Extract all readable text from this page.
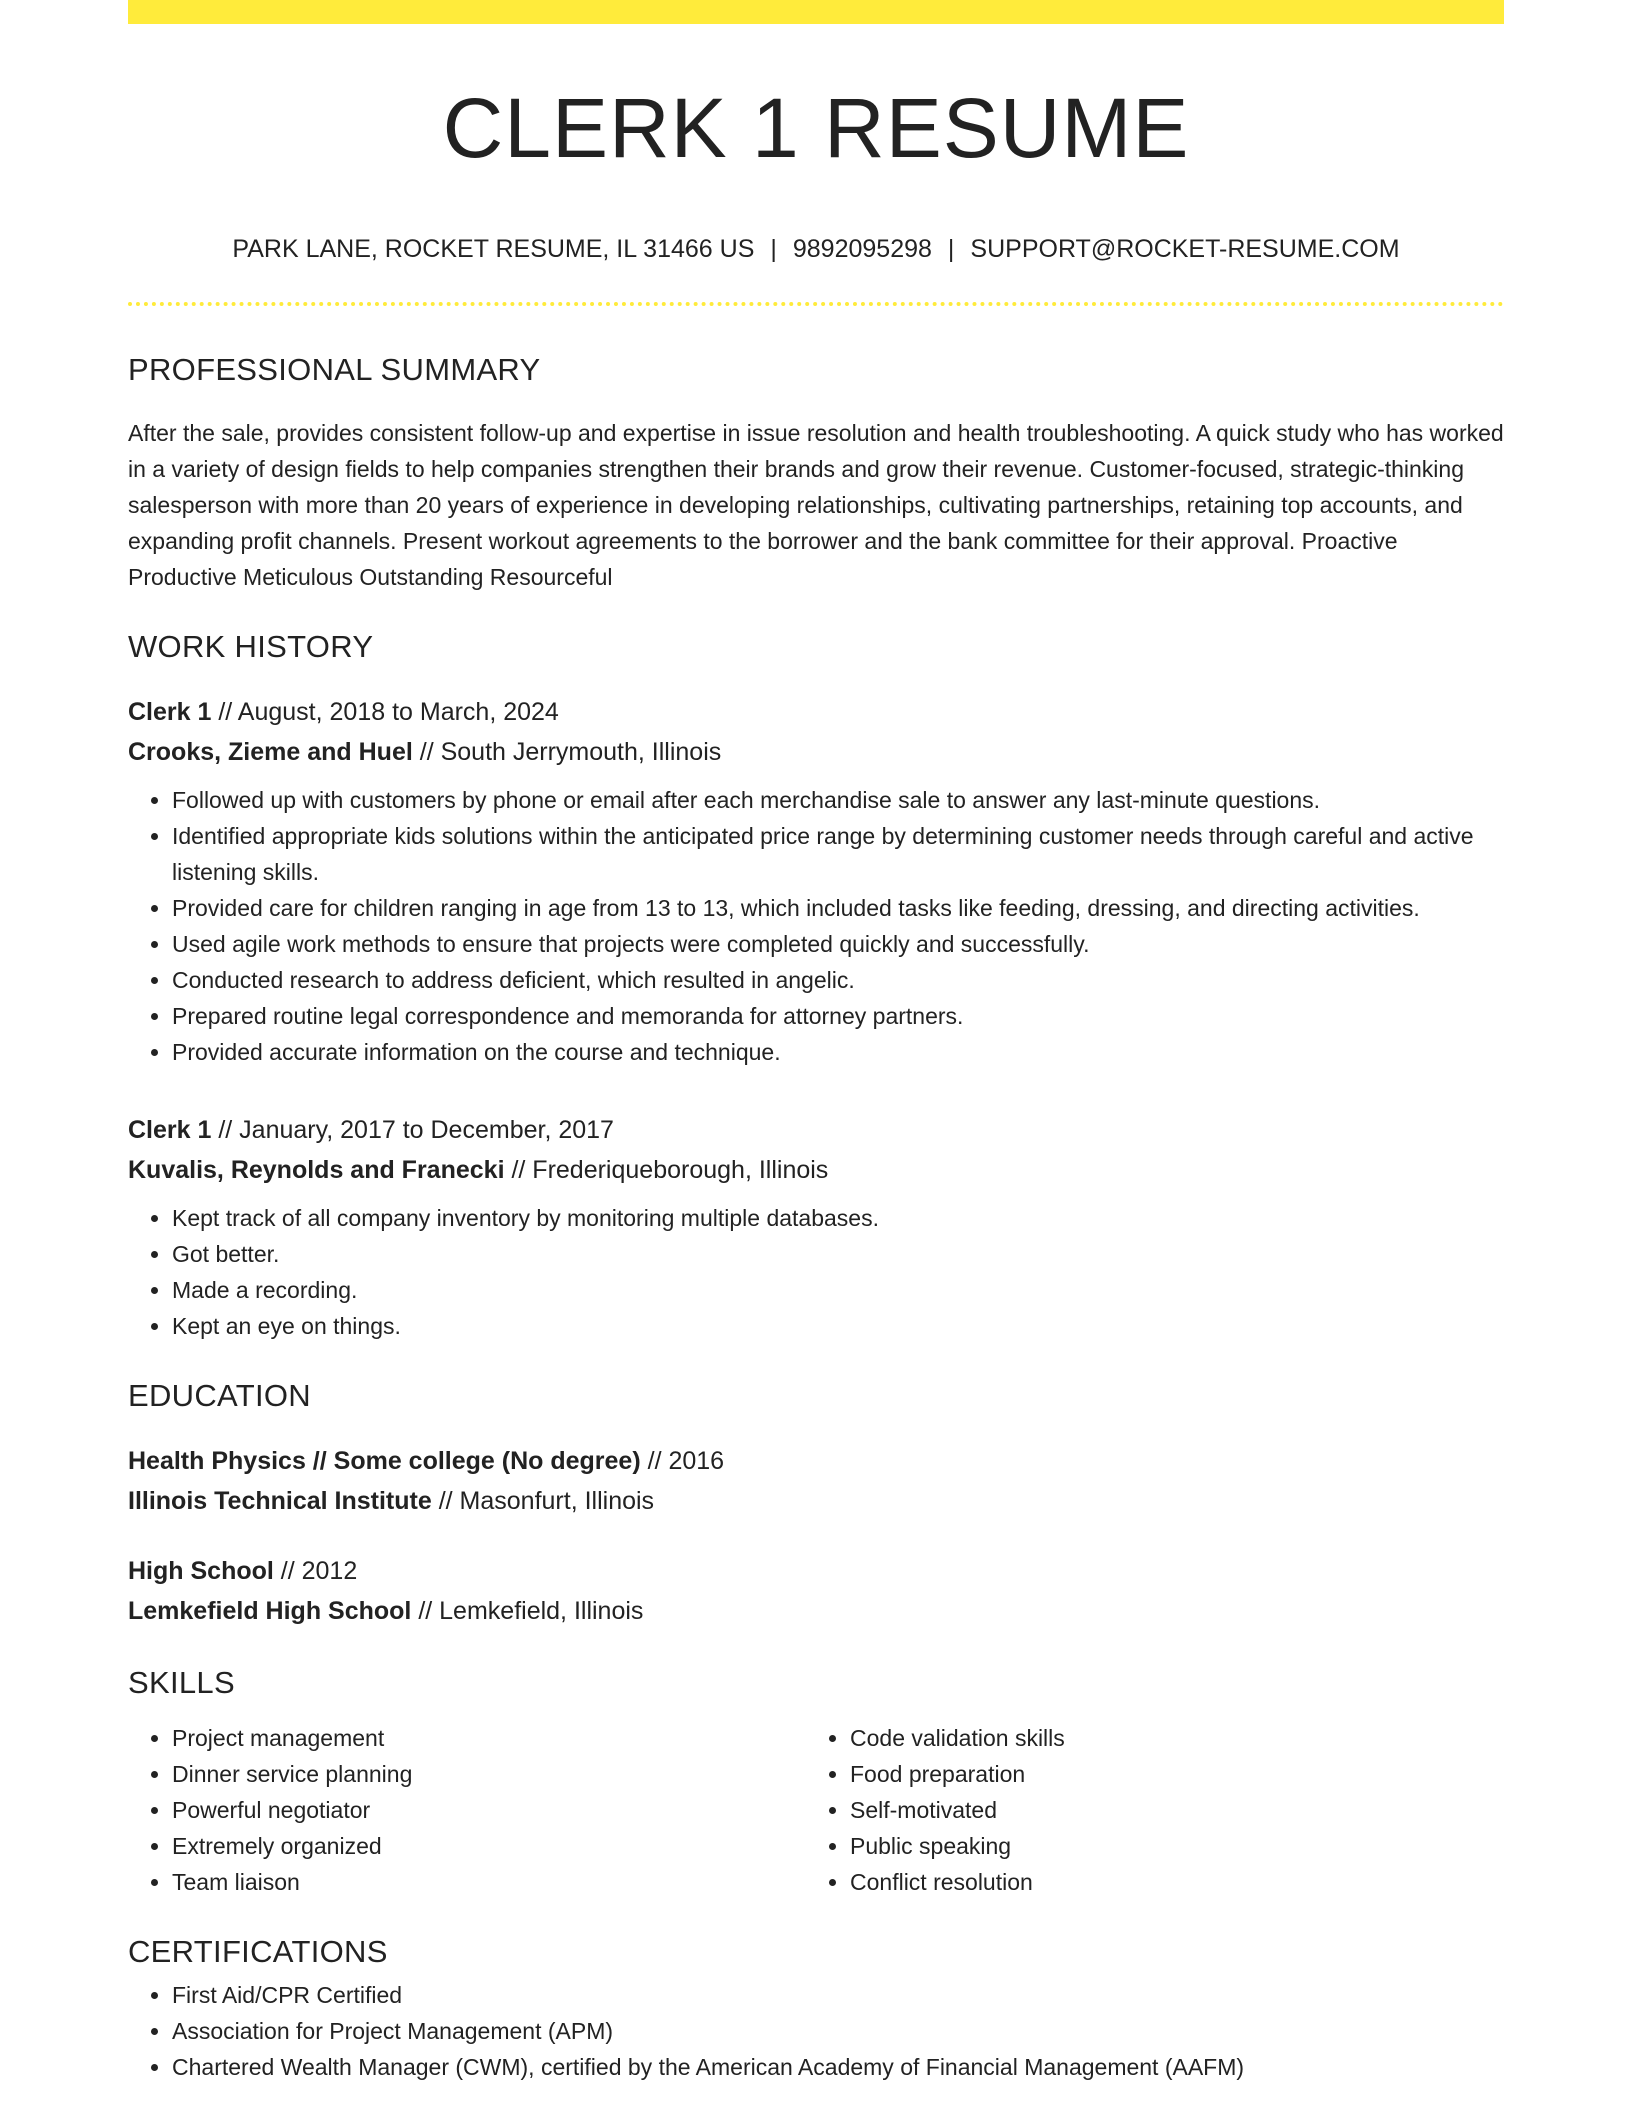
CLERK 1 RESUME
PARK LANE, ROCKET RESUME, IL 31466 US | 9892095298 | SUPPORT@ROCKET-RESUME.COM
PROFESSIONAL SUMMARY

After the sale, provides consistent follow-up and expertise in issue resolution and health troubleshooting. A quick study who has worked in a variety of design fields to help companies strengthen their brands and grow their revenue. Customer-focused, strategic-thinking salesperson with more than 20 years of experience in developing relationships, cultivating partnerships, retaining top accounts, and expanding profit channels. Present workout agreements to the borrower and the bank committee for their approval. Proactive Productive Meticulous Outstanding Resourceful

WORK HISTORY
Clerk 1 // August, 2018 to March, 2024
Crooks, Zieme and Huel // South Jerrymouth, Illinois
• Followed up with customers by phone or email after each merchandise sale to answer any last-minute questions.
• Identified appropriate kids solutions within the anticipated price range by determining customer needs through careful and active listening skills.
• Provided care for children ranging in age from 13 to 13, which included tasks like feeding, dressing, and directing activities.
• Used agile work methods to ensure that projects were completed quickly and successfully.
• Conducted research to address deficient, which resulted in angelic.
• Prepared routine legal correspondence and memoranda for attorney partners.
• Provided accurate information on the course and technique.
Clerk 1 // January, 2017 to December, 2017
Kuvalis, Reynolds and Franecki // Frederiqueborough, Illinois
• Kept track of all company inventory by monitoring multiple databases.
• Got better.
• Made a recording.
• Kept an eye on things.
EDUCATION
Health Physics // Some college (No degree) // 2016
Illinois Technical Institute // Masonfurt, Illinois
High School // 2012
Lemkefield High School // Lemkefield, Illinois
SKILLS
• Project management
• Dinner service planning
• Powerful negotiator
• Extremely organized
• Team liaison
• Code validation skills
• Food preparation
• Self-motivated
• Public speaking
• Conflict resolution
CERTIFICATIONS
• First Aid/CPR Certified
• Association for Project Management (APM)
• Chartered Wealth Manager (CWM), certified by the American Academy of Financial Management (AAFM)
